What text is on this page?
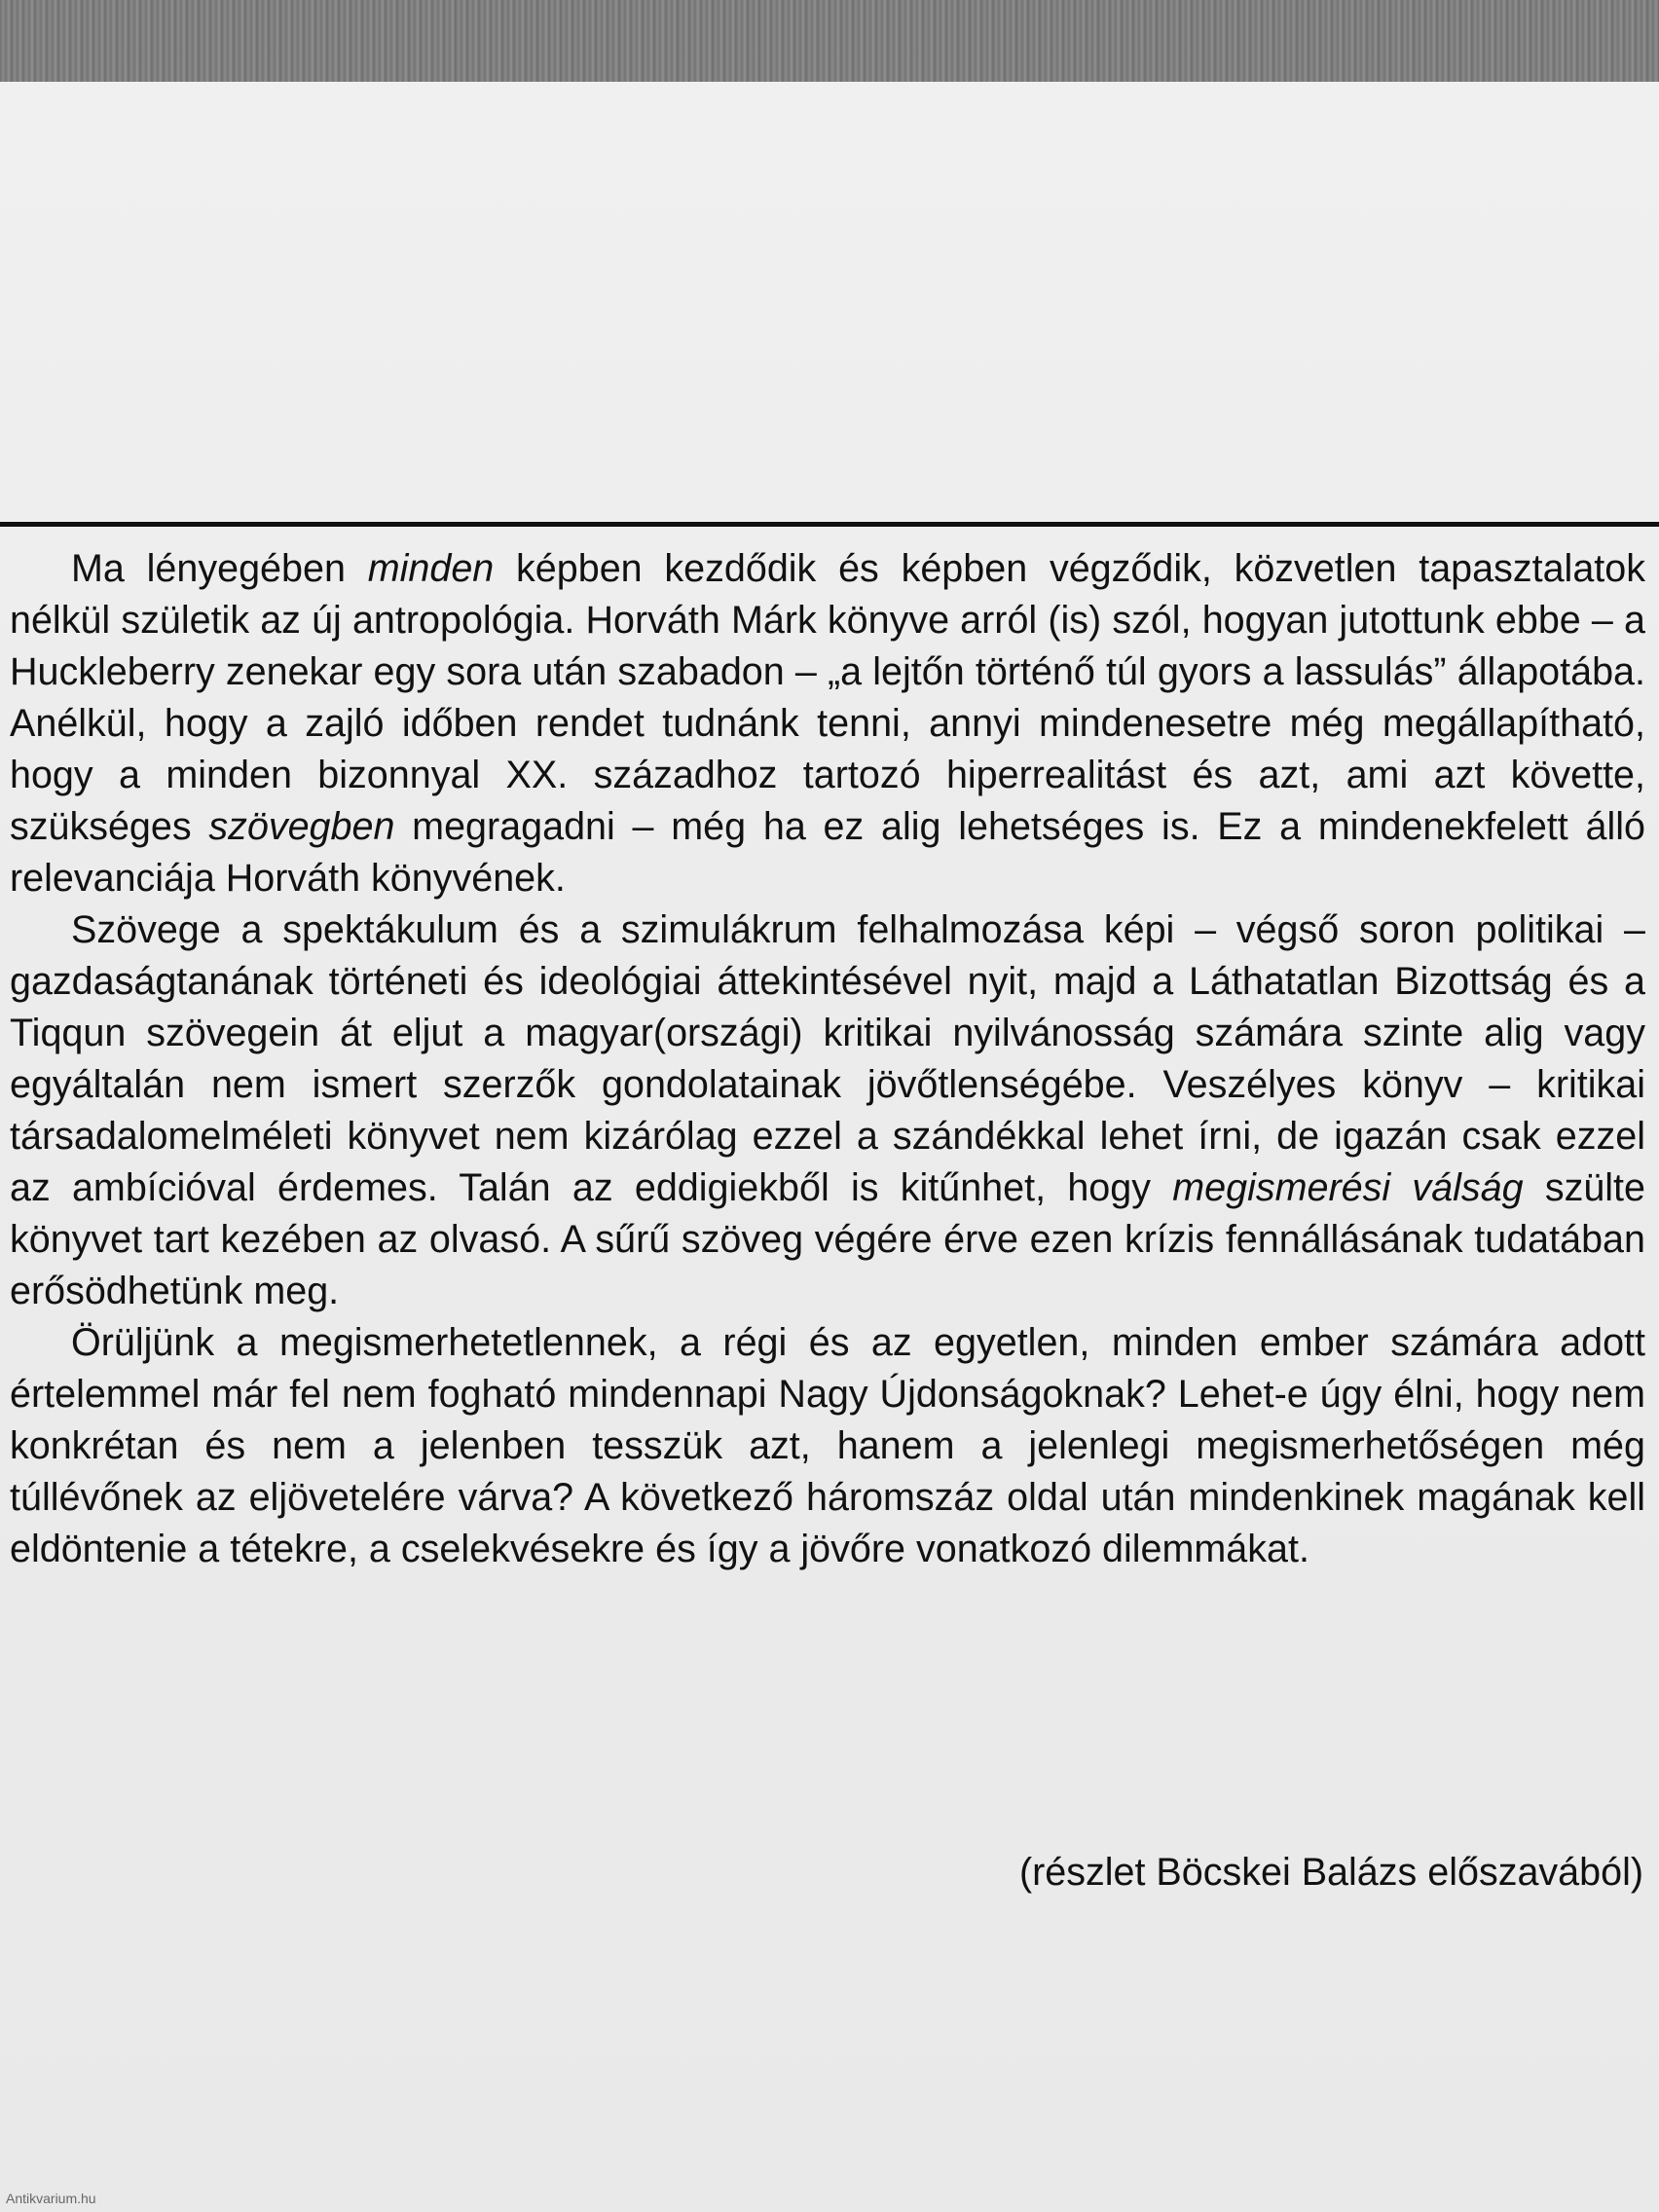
Ma lényegében minden képben kezdődik és képben végződik, közvetlen tapasztalatok nélkül születik az új antropológia. Horváth Márk könyve arról (is) szól, hogyan jutottunk ebbe – a Huckleberry zenekar egy sora után szabadon – „a lejtőn történő túl gyors a lassulás” állapotába. Anélkül, hogy a zajló időben rendet tudnánk tenni, annyi mindenesetre még megállapítható, hogy a minden bizonnyal XX. századhoz tartozó hiperrealitást és azt, ami azt követte, szükséges szövegben megragadni – még ha ez alig lehetséges is. Ez a mindenekfelett álló relevanciája Horváth könyvének.

Szövege a spektákulum és a szimulákrum felhalmozása képi – végső soron politikai – gazdaságtanának történeti és ideológiai áttekintésével nyit, majd a Láthatatlan Bizottság és a Tiqqun szövegein át eljut a magyar(országi) kritikai nyilvánosság számára szinte alig vagy egyáltalán nem ismert szerzők gondolatainak jövőtlenségébe. Veszélyes könyv – kritikai társadalomelméleti könyvet nem kizárólag ezzel a szándékkal lehet írni, de igazán csak ezzel az ambícióval érdemes. Talán az eddigiekből is kitűnhet, hogy megismerési válság szülte könyvet tart kezében az olvasó. A sűrű szöveg végére érve ezen krízis fennállásának tudatában erősödhetünk meg.

Örüljünk a megismerhetetlennek, a régi és az egyetlen, minden ember számára adott értelemmel már fel nem fogható mindennapi Nagy Újdonságoknak? Lehet-e úgy élni, hogy nem konkrétan és nem a jelenben tesszük azt, hanem a jelenlegi megismerhetőségen még túllévőnek az eljövetelére várva? A következő háromszáz oldal után mindenkinek magának kell eldöntenie a tétekre, a cselekvésekre és így a jövőre vonatkozó dilemmákat.

(részlet Böcskei Balázs előszavából)
Antikvarium.hu
